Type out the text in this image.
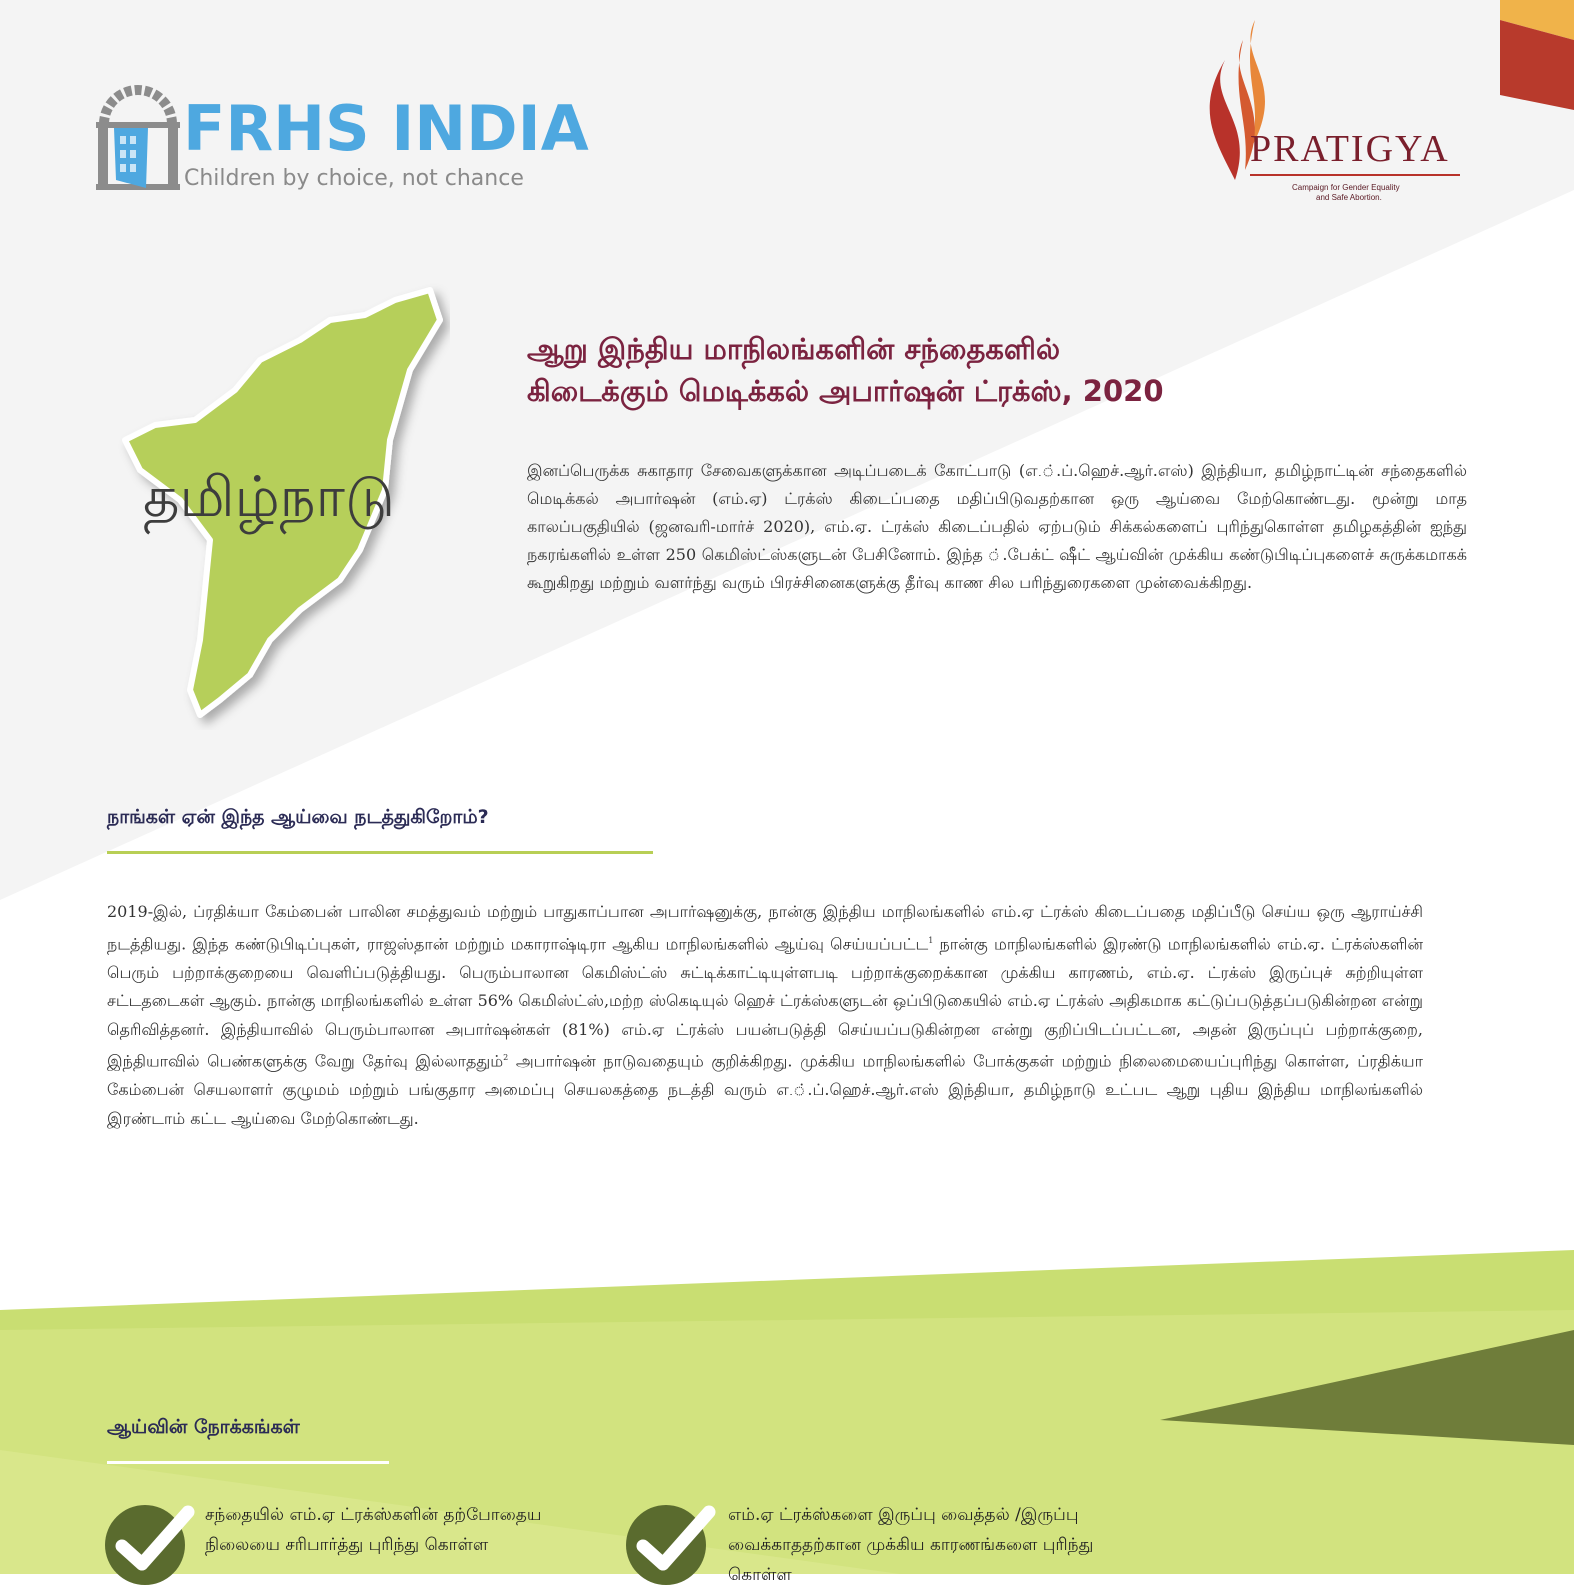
FRHS INDIA
Children by choice, not chance
PRATIGYA
Campaign for Gender Equality
and Safe Abortion.
தமிழ்நாடு
ஆறு இந்திய மாநிலங்களின் சந்தைகளில்
கிடைக்கும் மெடிக்கல் அபார்ஷன் ட்ரக்ஸ், 2020
இனப்பெருக்க சுகாதார சேவைகளுக்கான அடிப்படைக் கோட்பாடு (எ.்.ப்.ஹெச்.ஆர்.எஸ்) இந்தியா, தமிழ்நாட்டின் சந்தைகளில் மெடிக்கல் அபார்ஷன் (எம்.ஏ) ட்ரக்ஸ் கிடைப்பதை மதிப்பிடுவதற்கான ஒரு ஆய்வை மேற்கொண்டது. மூன்று மாத காலப்பகுதியில் (ஜனவரி-மார்ச் 2020), எம்.ஏ. ட்ரக்ஸ் கிடைப்பதில் ஏற்படும் சிக்கல்களைப் புரிந்துகொள்ள தமிழகத்தின் ஐந்து நகரங்களில் உள்ள 250 கெமிஸ்ட்ஸ்களுடன் பேசினோம். இந்த ்.பேக்ட் ஷீட் ஆய்வின் முக்கிய கண்டுபிடிப்புகளைச் சுருக்கமாகக் கூறுகிறது மற்றும் வளர்ந்து வரும் பிரச்சினைகளுக்கு தீர்வு காண சில பரிந்துரைகளை முன்வைக்கிறது.
நாங்கள் ஏன் இந்த ஆய்வை நடத்துகிறோம்?
2019-இல், ப்ரதிக்யா கேம்பைன் பாலின சமத்துவம் மற்றும் பாதுகாப்பான அபார்ஷனுக்கு, நான்கு இந்திய மாநிலங்களில் எம்.ஏ ட்ரக்ஸ் கிடைப்பதை மதிப்பீடு செய்ய ஒரு ஆராய்ச்சி நடத்தியது. இந்த கண்டுபிடிப்புகள், ராஜஸ்தான் மற்றும் மகாராஷ்டிரா ஆகிய மாநிலங்களில் ஆய்வு செய்யப்பட்ட$^1$ நான்கு மாநிலங்களில் இரண்டு மாநிலங்களில் எம்.ஏ. ட்ரக்ஸ்களின் பெரும் பற்றாக்குறையை வெளிப்படுத்தியது. பெரும்பாலான கெமிஸ்ட்ஸ் சுட்டிக்காட்டியுள்ளபடி பற்றாக்குறைக்கான முக்கிய காரணம், எம்.ஏ. ட்ரக்ஸ் இருப்புச் சுற்றியுள்ள சட்டதடைகள் ஆகும். நான்கு மாநிலங்களில் உள்ள 56% கெமிஸ்ட்ஸ்,மற்ற ஸ்கெடியுல் ஹெச் ட்ரக்ஸ்களுடன் ஒப்பிடுகையில் எம்.ஏ ட்ரக்ஸ் அதிகமாக கட்டுப்படுத்தப்படுகின்றன என்று தெரிவித்தனர். இந்தியாவில் பெரும்பாலான அபார்ஷன்கள் (81%) எம்.ஏ ட்ரக்ஸ் பயன்படுத்தி செய்யப்படுகின்றன என்று குறிப்பிடப்பட்டன, அதன் இருப்புப் பற்றாக்குறை, இந்தியாவில் பெண்களுக்கு வேறு தேர்வு இல்லாததும்$^2$ அபார்ஷன் நாடுவதையும் குறிக்கிறது. முக்கிய மாநிலங்களில் போக்குகள் மற்றும் நிலைமையைப்புரிந்து கொள்ள, ப்ரதிக்யா கேம்பைன் செயலாளர் குழுமம் மற்றும் பங்குதார அமைப்பு செயலகத்தை நடத்தி வரும் எ.்.ப்.ஹெச்.ஆர்.எஸ் இந்தியா, தமிழ்நாடு உட்பட ஆறு புதிய இந்திய மாநிலங்களில் இரண்டாம் கட்ட ஆய்வை மேற்கொண்டது.
ஆய்வின் நோக்கங்கள்
சந்தையில் எம்.ஏ ட்ரக்ஸ்களின் தற்போதைய நிலையை சரிபார்த்து புரிந்து கொள்ள
எம்.ஏ ட்ரக்ஸ்களை இருப்பு வைத்தல் /இருப்பு வைக்காததற்கான முக்கிய காரணங்களை புரிந்து கொள்ள
